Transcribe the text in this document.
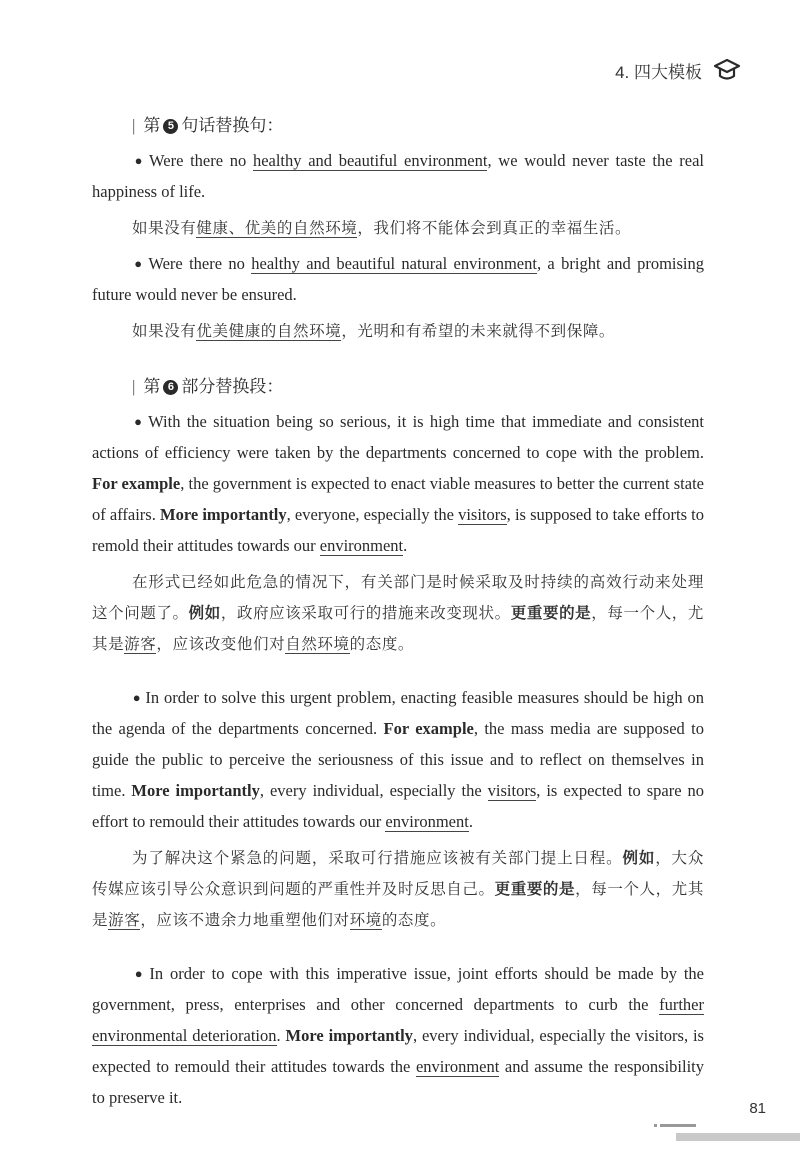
4. 四大模板
| 第 5 句话替换句：

● Were there no healthy and beautiful environment, we would never taste the real happiness of life.

如果没有健康、优美的自然环境，我们将不能体会到真正的幸福生活。

● Were there no healthy and beautiful natural environment, a bright and promising future would never be ensured.

如果没有优美健康的自然环境，光明和有希望的未来就得不到保障。

| 第 6 部分替换段：

● With the situation being so serious, it is high time that immediate and consistent actions of efficiency were taken by the departments concerned to cope with the problem. For example, the government is expected to enact viable measures to better the current state of affairs. More importantly, everyone, especially the visitors, is supposed to take efforts to remold their attitudes towards our environment.

在形式已经如此危急的情况下，有关部门是时候采取及时持续的高效行动来处理这个问题了。例如，政府应该采取可行的措施来改变现状。更重要的是，每一个人，尤其是游客，应该改变他们对自然环境的态度。

● In order to solve this urgent problem, enacting feasible measures should be high on the agenda of the departments concerned. For example, the mass media are supposed to guide the public to perceive the seriousness of this issue and to reflect on themselves in time. More importantly, every individual, especially the visitors, is expected to spare no effort to remould their attitudes towards our environment.

为了解决这个紧急的问题，采取可行措施应该被有关部门提上日程。例如，大众传媒应该引导公众意识到问题的严重性并及时反思自己。更重要的是，每一个人，尤其是游客，应该不遗余力地重塑他们对环境的态度。

● In order to cope with this imperative issue, joint efforts should be made by the government, press, enterprises and other concerned departments to curb the further environmental deterioration. More importantly, every individual, especially the visitors, is expected to remould their attitudes towards the environment and assume the responsibility to preserve it.

81
